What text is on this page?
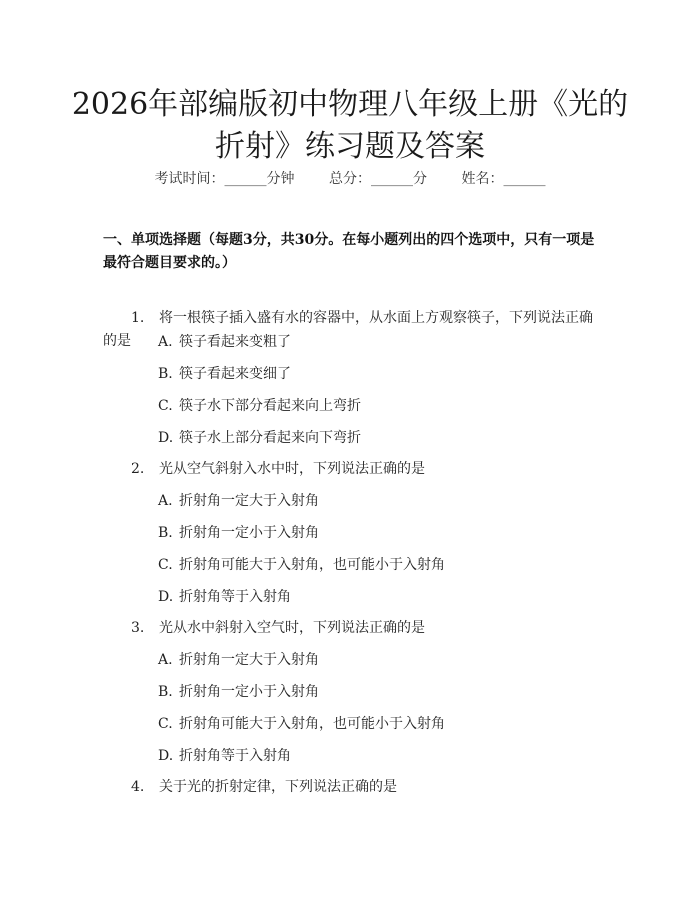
2026年部编版初中物理八年级上册《光的折射》练习题及答案
考试时间：______分钟 总分：______分 姓名：______

一、单项选择题（每题3分，共30分。在每小题列出的四个选项中，只有一项是最符合题目要求的。）

1. 将一根筷子插入盛有水的容器中，从水面上方观察筷子，下列说法正确的是	A. 筷子看起来变粗了
B. 筷子看起来变细了
C. 筷子水下部分看起来向上弯折
D. 筷子水上部分看起来向下弯折
2. 光从空气斜射入水中时，下列说法正确的是
A. 折射角一定大于入射角
B. 折射角一定小于入射角
C. 折射角可能大于入射角，也可能小于入射角
D. 折射角等于入射角
3. 光从水中斜射入空气时，下列说法正确的是
A. 折射角一定大于入射角
B. 折射角一定小于入射角
C. 折射角可能大于入射角，也可能小于入射角
D. 折射角等于入射角
4. 关于光的折射定律，下列说法正确的是
